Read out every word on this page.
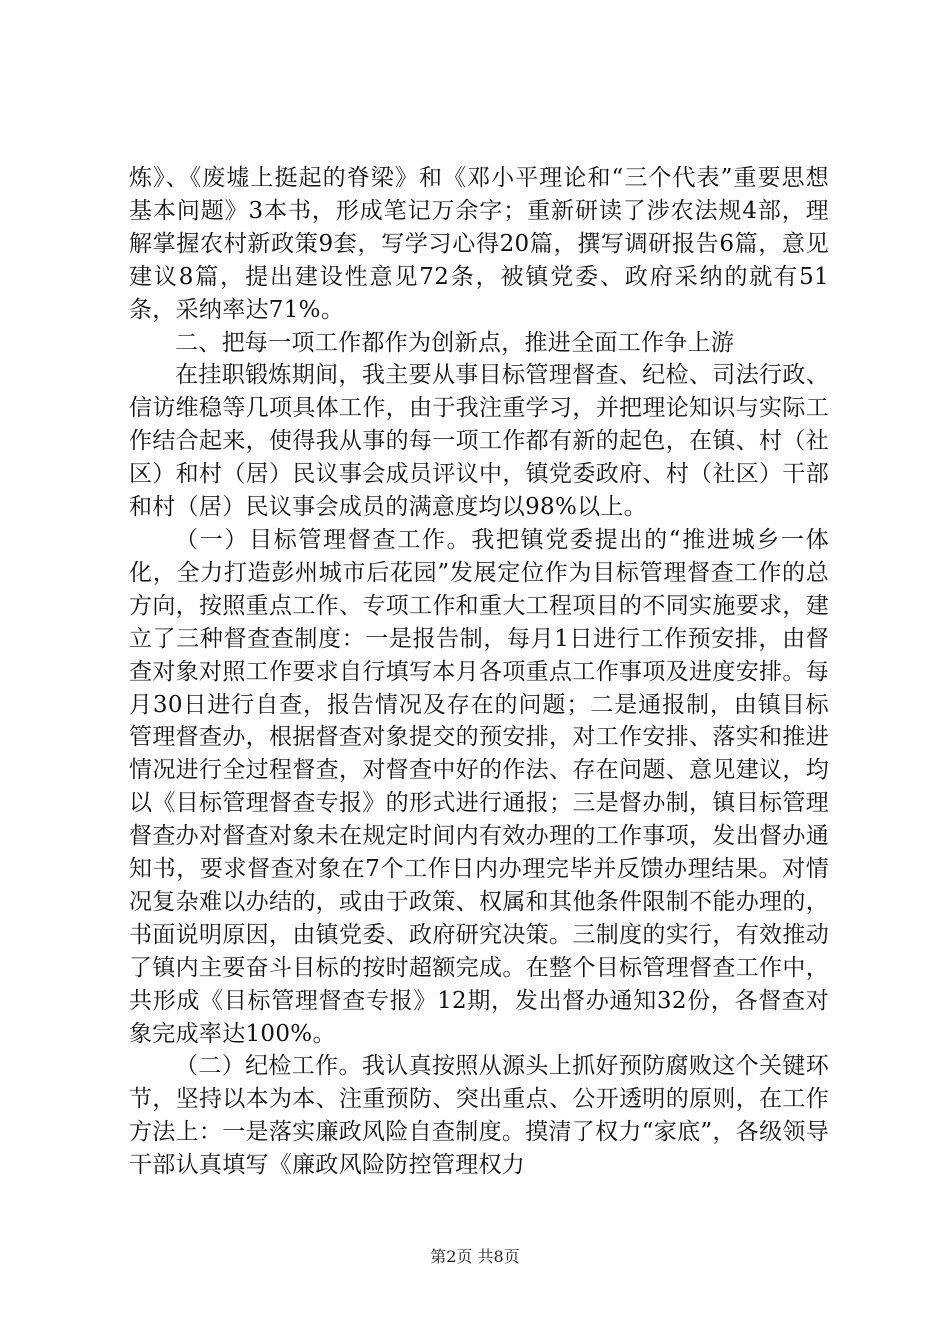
炼》、《废墟上挺起的脊梁》和《邓小平理论和“三个代表”重要思想基本问题》3本书，形成笔记万余字；重新研读了涉农法规4部，理解掌握农村新政策9套，写学习心得20篇，撰写调研报告6篇，意见建议8篇，提出建设性意见72条，被镇党委、政府采纳的就有51条，采纳率达71%。

二、把每一项工作都作为创新点，推进全面工作争上游

在挂职锻炼期间，我主要从事目标管理督查、纪检、司法行政、信访维稳等几项具体工作，由于我注重学习，并把理论知识与实际工作结合起来，使得我从事的每一项工作都有新的起色，在镇、村（社区）和村（居）民议事会成员评议中，镇党委政府、村（社区）干部和村（居）民议事会成员的满意度均以98%以上。

（一）目标管理督查工作。我把镇党委提出的“推进城乡一体化，全力打造彭州城市后花园”发展定位作为目标管理督查工作的总方向，按照重点工作、专项工作和重大工程项目的不同实施要求，建立了三种督查查制度：一是报告制，每月1日进行工作预安排，由督查对象对照工作要求自行填写本月各项重点工作事项及进度安排。每月30日进行自查，报告情况及存在的问题；二是通报制，由镇目标管理督查办，根据督查对象提交的预安排，对工作安排、落实和推进情况进行全过程督查，对督查中好的作法、存在问题、意见建议，均以《目标管理督查专报》的形式进行通报；三是督办制，镇目标管理督查办对督查对象未在规定时间内有效办理的工作事项，发出督办通知书，要求督查对象在7个工作日内办理完毕并反馈办理结果。对情况复杂难以办结的，或由于政策、权属和其他条件限制不能办理的，书面说明原因，由镇党委、政府研究决策。三制度的实行，有效推动了镇内主要奋斗目标的按时超额完成。在整个目标管理督查工作中，共形成《目标管理督查专报》12期，发出督办通知32份，各督查对象完成率达100%。

（二）纪检工作。我认真按照从源头上抓好预防腐败这个关键环节，坚持以本为本、注重预防、突出重点、公开透明的原则，在工作方法上：一是落实廉政风险自查制度。摸清了权力“家底”，各级领导干部认真填写《廉政风险防控管理权力

第2页 共8页
